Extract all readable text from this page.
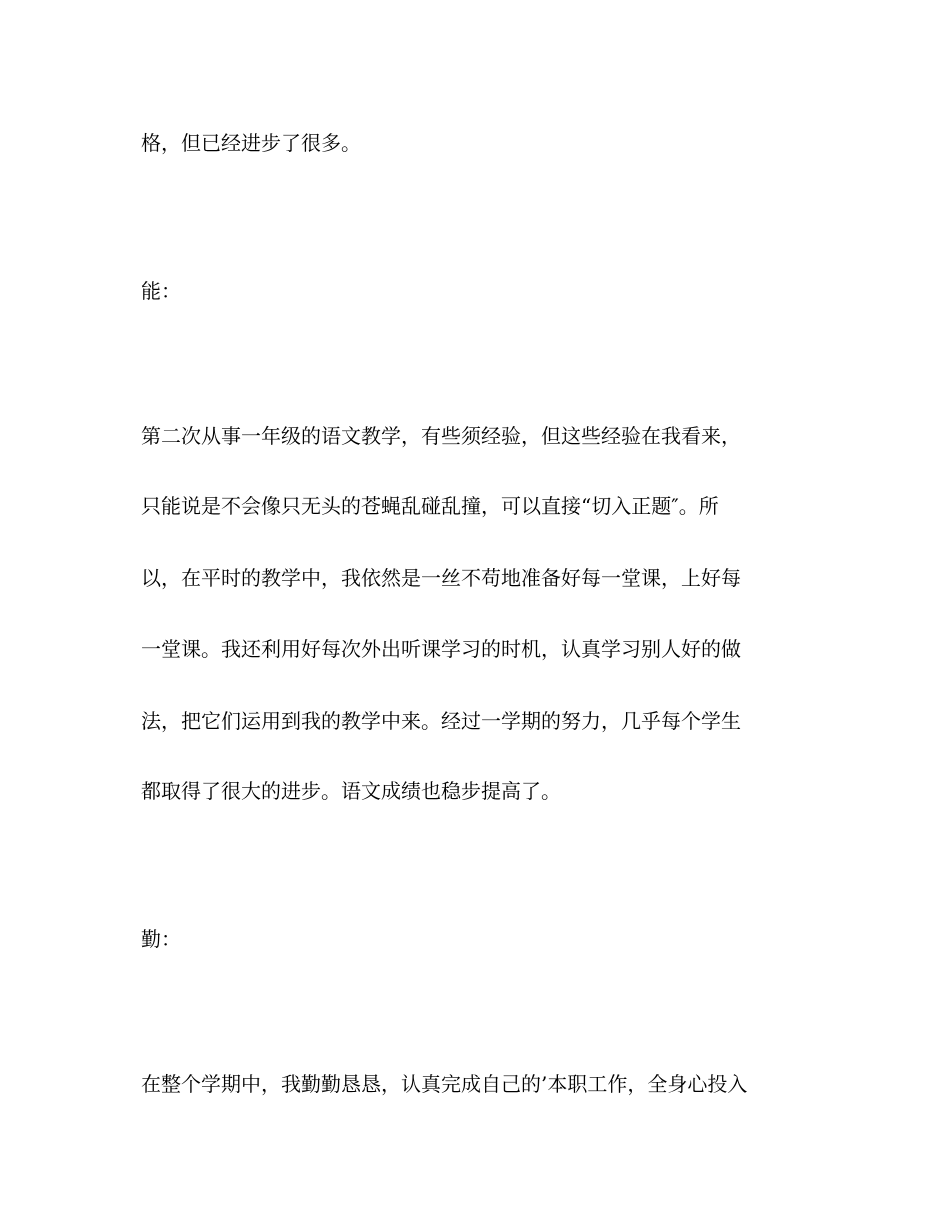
格，但已经进步了很多。
能：
第二次从事一年级的语文教学，有些须经验，但这些经验在我看来，
只能说是不会像只无头的苍蝇乱碰乱撞，可以直接“切入正题″。所
以，在平时的教学中，我依然是一丝不苟地准备好每一堂课，上好每
一堂课。我还利用好每次外出听课学习的时机，认真学习别人好的做
法，把它们运用到我的教学中来。经过一学期的努力，几乎每个学生
都取得了很大的进步。语文成绩也稳步提高了。
勤：
在整个学期中，我勤勤恳恳，认真完成自己的’本职工作，全身心投入
